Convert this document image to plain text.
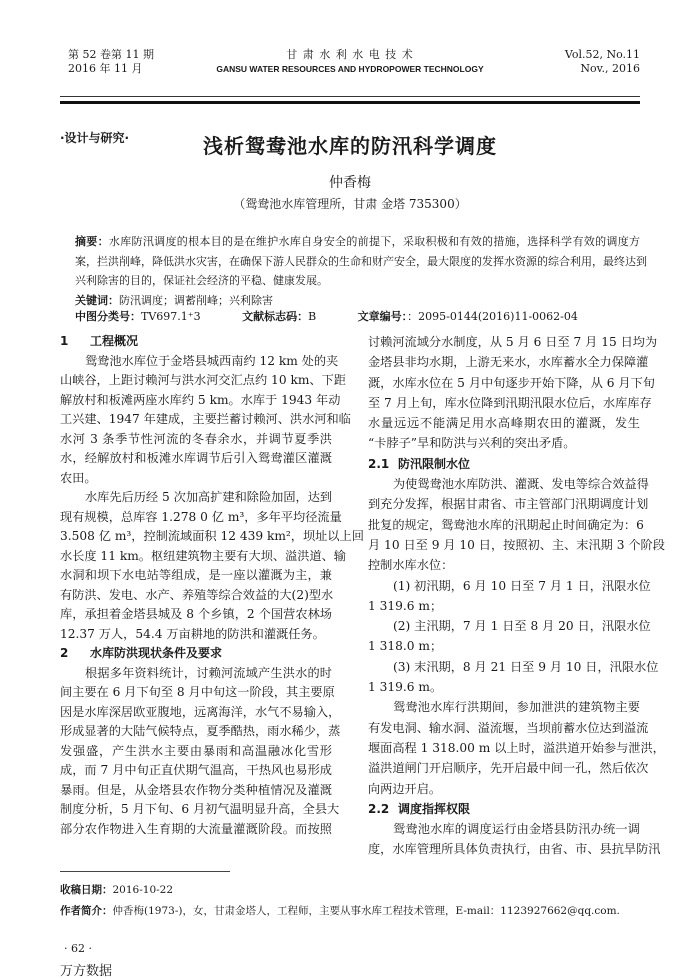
第 52 卷第 11 期
2016 年 11 月
甘 肃 水 利 水 电 技 术
GANSU WATER RESOURCES AND HYDROPOWER TECHNOLOGY
Vol.52, No.11
Nov., 2016
·设计与研究·	浅析鸳鸯池水库的防汛科学调度
仲香梅
（鸳鸯池水库管理所，甘肃 金塔 735300）
摘要：水库防汛调度的根本目的是在维护水库自身安全的前提下，采取积极和有效的措施，选择科学有效的调度方
案，拦洪削峰，降低洪水灾害，在确保下游人民群众的生命和财产安全，最大限度的发挥水资源的综合利用，最终达到
兴利除害的目的，保证社会经济的平稳、健康发展。
关键词：防汛调度；调蓄削峰；兴利除害
中图分类号：TV697.1⁺3	文献标志码：B	文章编号：：2095-0144(2016)11-0062-04
1 工程概况
鸳鸯池水库位于金塔县城西南约 12 km 处的夹
山峡谷，上距讨赖河与洪水河交汇点约 10 km、下距
解放村和板滩两座水库约 5 km。水库于 1943 年动
工兴建、1947 年建成，主要拦蓄讨赖河、洪水河和临
水河 3 条季节性河流的冬春余水，并调节夏季洪
水，经解放村和板滩水库调节后引入鸳鸯灌区灌溉
农田。
水库先后历经 5 次加高扩建和除险加固，达到
现有规模，总库容 1.278 0 亿 m³，多年平均径流量
3.508 亿 m³，控制流域面积 12 439 km²，坝址以上回
水长度 11 km。枢纽建筑物主要有大坝、溢洪道、输
水洞和坝下水电站等组成，是一座以灌溉为主，兼
有防洪、发电、水产、养殖等综合效益的大(2)型水
库，承担着金塔县城及 8 个乡镇，2 个国营农林场
12.37 万人，54.4 万亩耕地的防洪和灌溉任务。
2 水库防洪现状条件及要求
根据多年资料统计，讨赖河流域产生洪水的时
间主要在 6 月下旬至 8 月中旬这一阶段，其主要原
因是水库深居欧亚腹地，远离海洋，水气不易输入，
形成显著的大陆气候特点，夏季酷热，雨水稀少，蒸
发强盛，产生洪水主要由暴雨和高温融冰化雪形
成，而 7 月中旬正直伏期气温高，干热风也易形成
暴雨。但是，从金塔县农作物分类种植情况及灌溉
制度分析，5 月下旬、6 月初气温明显升高，全县大
部分农作物进入生育期的大流量灌溉阶段。而按照
讨赖河流域分水制度，从 5 月 6 日至 7 月 15 日均为
金塔县非均水期，上游无来水，水库蓄水全力保障灌
溉，水库水位在 5 月中旬逐步开始下降，从 6 月下旬
至 7 月上旬，库水位降到汛期汛限水位后，水库库存
水量远远不能满足用水高峰期农田的灌溉，发生
“卡脖子”旱和防洪与兴利的突出矛盾。
2.1 防汛限制水位
为使鸳鸯池水库防洪、灌溉、发电等综合效益得
到充分发挥，根据甘肃省、市主管部门汛期调度计划
批复的规定，鸳鸯池水库的汛期起止时间确定为：6
月 10 日至 9 月 10 日，按照初、主、末汛期 3 个阶段
控制水库水位：
(1) 初汛期，6 月 10 日至 7 月 1 日，汛限水位
1 319.6 m；
(2) 主汛期，7 月 1 日至 8 月 20 日，汛限水位
1 318.0 m；
(3) 末汛期，8 月 21 日至 9 月 10 日，汛限水位
1 319.6 m。
鸳鸯池水库行洪期间，参加泄洪的建筑物主要
有发电洞、输水洞、溢流堰，当坝前蓄水位达到溢流
堰面高程 1 318.00 m 以上时，溢洪道开始参与泄洪，
溢洪道闸门开启顺序，先开启最中间一孔，然后依次
向两边开启。
2.2 调度指挥权限
鸳鸯池水库的调度运行由金塔县防汛办统一调
度，水库管理所具体负责执行，由省、市、县抗旱防汛
收稿日期：2016-10-22
作者简介：仲香梅(1973-)，女，甘肃金塔人，工程师，主要从事水库工程技术管理，E-mail：1123927662@qq.com.
· 62 ·
万方数据
